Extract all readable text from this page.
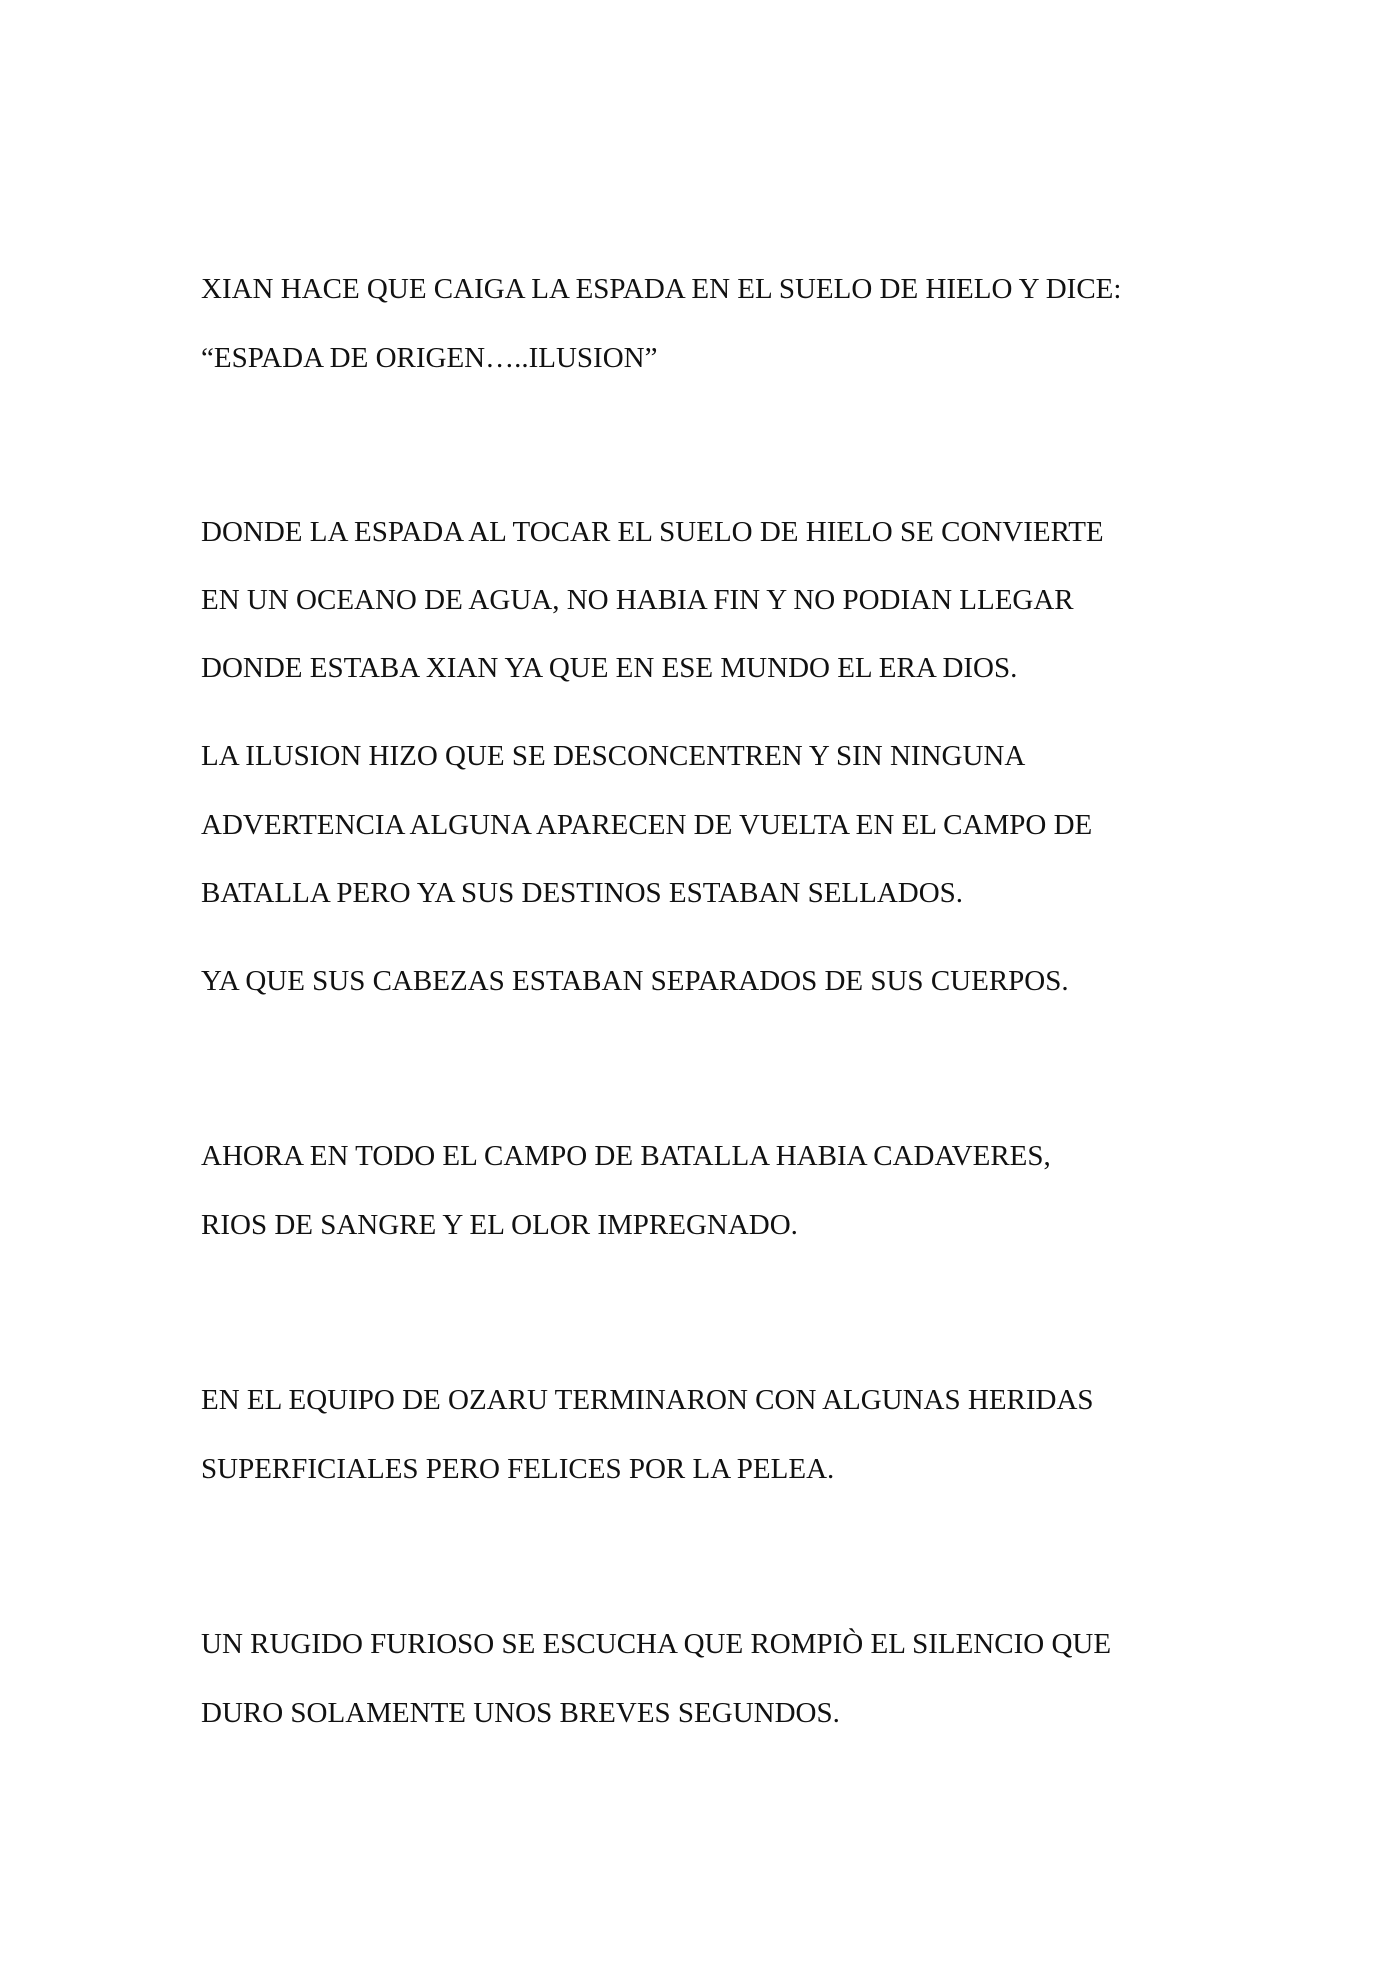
XIAN HACE QUE CAIGA LA ESPADA EN EL SUELO DE HIELO Y DICE:

“ESPADA DE ORIGEN…..ILUSION”

DONDE LA ESPADA AL TOCAR EL SUELO DE HIELO SE CONVIERTE

EN UN OCEANO DE AGUA, NO HABIA FIN Y NO PODIAN LLEGAR

DONDE ESTABA XIAN YA QUE EN ESE MUNDO EL ERA DIOS.

LA ILUSION HIZO QUE SE DESCONCENTREN Y SIN NINGUNA

ADVERTENCIA ALGUNA APARECEN DE VUELTA EN EL CAMPO DE

BATALLA PERO YA SUS DESTINOS ESTABAN SELLADOS.

YA QUE SUS CABEZAS ESTABAN SEPARADOS DE SUS CUERPOS.

AHORA EN TODO EL CAMPO DE BATALLA HABIA CADAVERES,

RIOS DE SANGRE Y EL OLOR IMPREGNADO.

EN EL EQUIPO DE OZARU TERMINARON CON ALGUNAS HERIDAS

SUPERFICIALES PERO FELICES POR LA PELEA.

UN RUGIDO FURIOSO SE ESCUCHA QUE ROMPIÒ EL SILENCIO QUE

DURO SOLAMENTE UNOS BREVES SEGUNDOS.
